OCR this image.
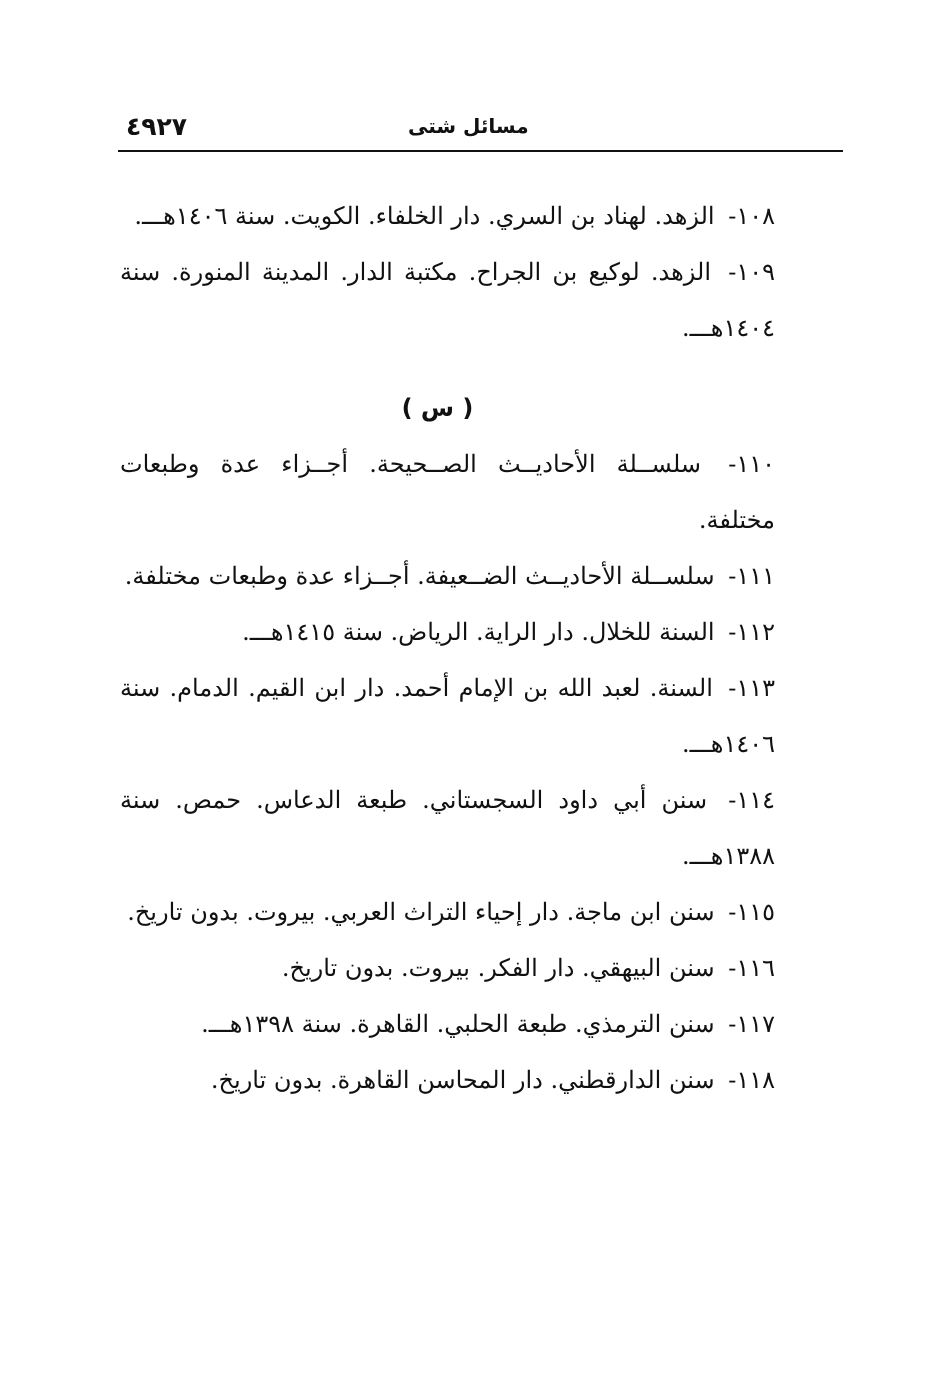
٤٩٢٧	مسائل شتى

١٠٨- الزهد. لهناد بن السري. دار الخلفاء. الكويت. سنة ١٤٠٦هـــ.

١٠٩- الزهد. لوكيع بن الجراح. مكتبة الدار. المدينة المنورة. سنة ١٤٠٤هـــ.

( س )

١١٠- سلســلة الأحاديــث الصــحيحة. أجــزاء عدة وطبعات مختلفة.

١١١- سلســلة الأحاديــث الضــعيفة. أجــزاء عدة وطبعات مختلفة.

١١٢- السنة للخلال. دار الراية. الرياض. سنة ١٤١٥هـــ.

١١٣- السنة. لعبد الله بن الإمام أحمد. دار ابن القيم. الدمام. سنة ١٤٠٦هـــ.

١١٤- سنن أبي داود السجستاني. طبعة الدعاس. حمص. سنة ١٣٨٨هـــ.

١١٥- سنن ابن ماجة. دار إحياء التراث العربي. بيروت. بدون تاريخ.

١١٦- سنن البيهقي. دار الفكر. بيروت. بدون تاريخ.

١١٧- سنن الترمذي. طبعة الحلبي. القاهرة. سنة ١٣٩٨هـــ.

١١٨- سنن الدارقطني. دار المحاسن القاهرة. بدون تاريخ.
